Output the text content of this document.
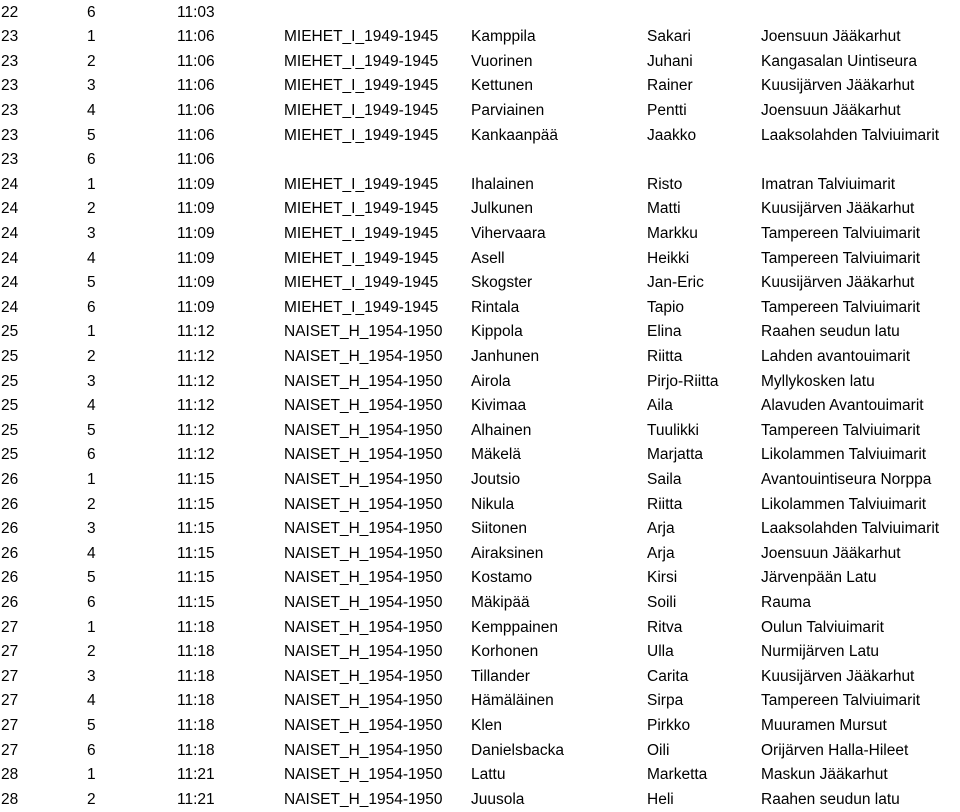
22	6	11:03
23	1	11:06	MIEHET_I_1949-1945 Kamppila	Sakari	Joensuun Jääkarhut
23	2	11:06	MIEHET_I_1949-1945 Vuorinen	Juhani	Kangasalan Uintiseura
23	3	11:06	MIEHET_I_1949-1945 Kettunen	Rainer	Kuusijärven Jääkarhut
23	4	11:06	MIEHET_I_1949-1945 Parviainen	Pentti	Joensuun Jääkarhut
23	5	11:06	MIEHET_I_1949-1945 Kankaanpää	Jaakko	Laaksolahden Talviuimarit
23	6	11:06
24	1	11:09	MIEHET_I_1949-1945 Ihalainen	Risto	Imatran Talviuimarit
24	2	11:09	MIEHET_I_1949-1945 Julkunen	Matti	Kuusijärven Jääkarhut
24	3	11:09	MIEHET_I_1949-1945 Vihervaara	Markku	Tampereen Talviuimarit
24	4	11:09	MIEHET_I_1949-1945 Asell	Heikki	Tampereen Talviuimarit
24	5	11:09	MIEHET_I_1949-1945 Skogster	Jan-Eric	Kuusijärven Jääkarhut
24	6	11:09	MIEHET_I_1949-1945 Rintala	Tapio	Tampereen Talviuimarit
25	1	11:12	NAISET_H_1954-1950 Kippola	Elina	Raahen seudun latu
25	2	11:12	NAISET_H_1954-1950 Janhunen	Riitta	Lahden avantouimarit
25	3	11:12	NAISET_H_1954-1950 Airola	Pirjo-Riitta	Myllykosken latu
25	4	11:12	NAISET_H_1954-1950 Kivimaa	Aila	Alavuden Avantouimarit
25	5	11:12	NAISET_H_1954-1950 Alhainen	Tuulikki	Tampereen Talviuimarit
25	6	11:12	NAISET_H_1954-1950 Mäkelä	Marjatta	Likolammen Talviuimarit
26	1	11:15	NAISET_H_1954-1950 Joutsio	Saila	Avantouintiseura Norppa
26	2	11:15	NAISET_H_1954-1950 Nikula	Riitta	Likolammen Talviuimarit
26	3	11:15	NAISET_H_1954-1950 Siitonen	Arja	Laaksolahden Talviuimarit
26	4	11:15	NAISET_H_1954-1950 Airaksinen	Arja	Joensuun Jääkarhut
26	5	11:15	NAISET_H_1954-1950 Kostamo	Kirsi	Järvenpään Latu
26	6	11:15	NAISET_H_1954-1950 Mäkipää	Soili	Rauma
27	1	11:18	NAISET_H_1954-1950 Kemppainen	Ritva	Oulun Talviuimarit
27	2	11:18	NAISET_H_1954-1950 Korhonen	Ulla	Nurmijärven Latu
27	3	11:18	NAISET_H_1954-1950 Tillander	Carita	Kuusijärven Jääkarhut
27	4	11:18	NAISET_H_1954-1950 Hämäläinen	Sirpa	Tampereen Talviuimarit
27	5	11:18	NAISET_H_1954-1950 Klen	Pirkko	Muuramen Mursut
27	6	11:18	NAISET_H_1954-1950 Danielsbacka	Oili	Orijärven Halla-Hileet
28	1	11:21	NAISET_H_1954-1950 Lattu	Marketta	Maskun Jääkarhut
28	2	11:21	NAISET_H_1954-1950 Juusola	Heli	Raahen seudun latu
